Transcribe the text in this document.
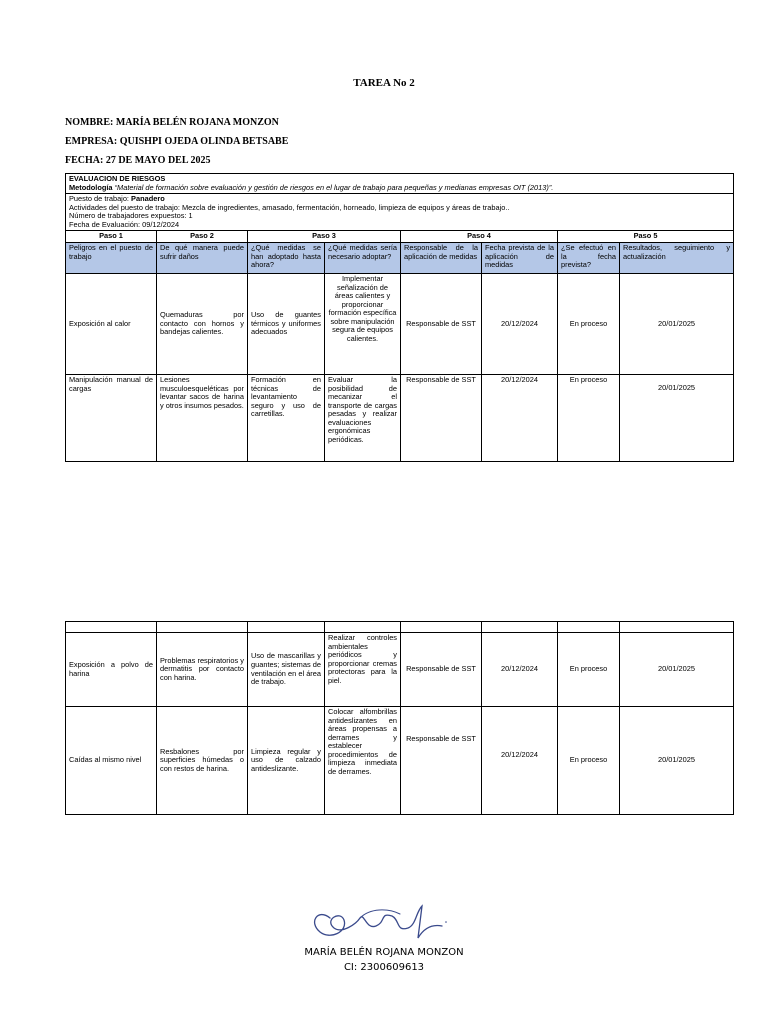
TAREA No 2
NOMBRE: MARÍA BELÉN ROJANA MONZON
EMPRESA: QUISHPI OJEDA OLINDA BETSABE
FECHA: 27 DE MAYO DEL 2025
EVALUACION DE RIESGOS
Metodología “Material de formación sobre evaluación y gestión de riesgos en el lugar de trabajo para pequeñas y medianas empresas OIT (2013)”.							

Puesto de trabajo: Panadero
Actividades del puesto de trabajo: Mezcla de ingredientes, amasado, fermentación, horneado, limpieza de equipos y áreas de trabajo..
Número de trabajadores expuestos: 1
Fecha de Evaluación: 09/12/2024							

Paso 1	Paso 2	Paso 3		Paso 4		Paso 5	
Peligros en el puesto de trabajo	De qué manera puede sufrir daños	¿Qué medidas se han adoptado hasta ahora?	¿Qué medidas sería necesario adoptar?	Responsable de la aplicación de medidas	Fecha prevista de la aplicación de medidas	¿Se efectuó en la fecha prevista?	Resultados, seguimiento y actualización
Exposición al calor	Quemaduras por contacto con hornos y bandejas calientes.	Uso de guantes térmicos y uniformes adecuados	Implementar señalización de áreas calientes y proporcionar formación específica sobre manipulación segura de equipos calientes.	Responsable de SST	20/12/2024	En proceso	20/01/2025
Manipulación manual de cargas	Lesiones musculoesqueléticas por levantar sacos de harina y otros insumos pesados.	Formación en técnicas de levantamiento seguro y uso de carretillas.	Evaluar la posibilidad de mecanizar el transporte de cargas pesadas y realizar evaluaciones ergonómicas periódicas.	Responsable de SST	20/12/2024	En proceso	20/01/2025

Exposición a polvo de harina	Problemas respiratorios y dermatitis por contacto con harina.	Uso de mascarillas y guantes; sistemas de ventilación en el área de trabajo.	Realizar controles ambientales periódicos y proporcionar cremas protectoras para la piel.	Responsable de SST	20/12/2024	En proceso	20/01/2025
Caídas al mismo nivel	Resbalones por superficies húmedas o con restos de harina.	Limpieza regular y uso de calzado antideslizante.	Colocar alfombrillas antideslizantes en áreas propensas a derrames y establecer procedimientos de limpieza inmediata de derrames.	Responsable de SST	20/12/2024	En proceso	20/01/2025
MARÍA BELÉN ROJANA MONZON
CI: 2300609613
